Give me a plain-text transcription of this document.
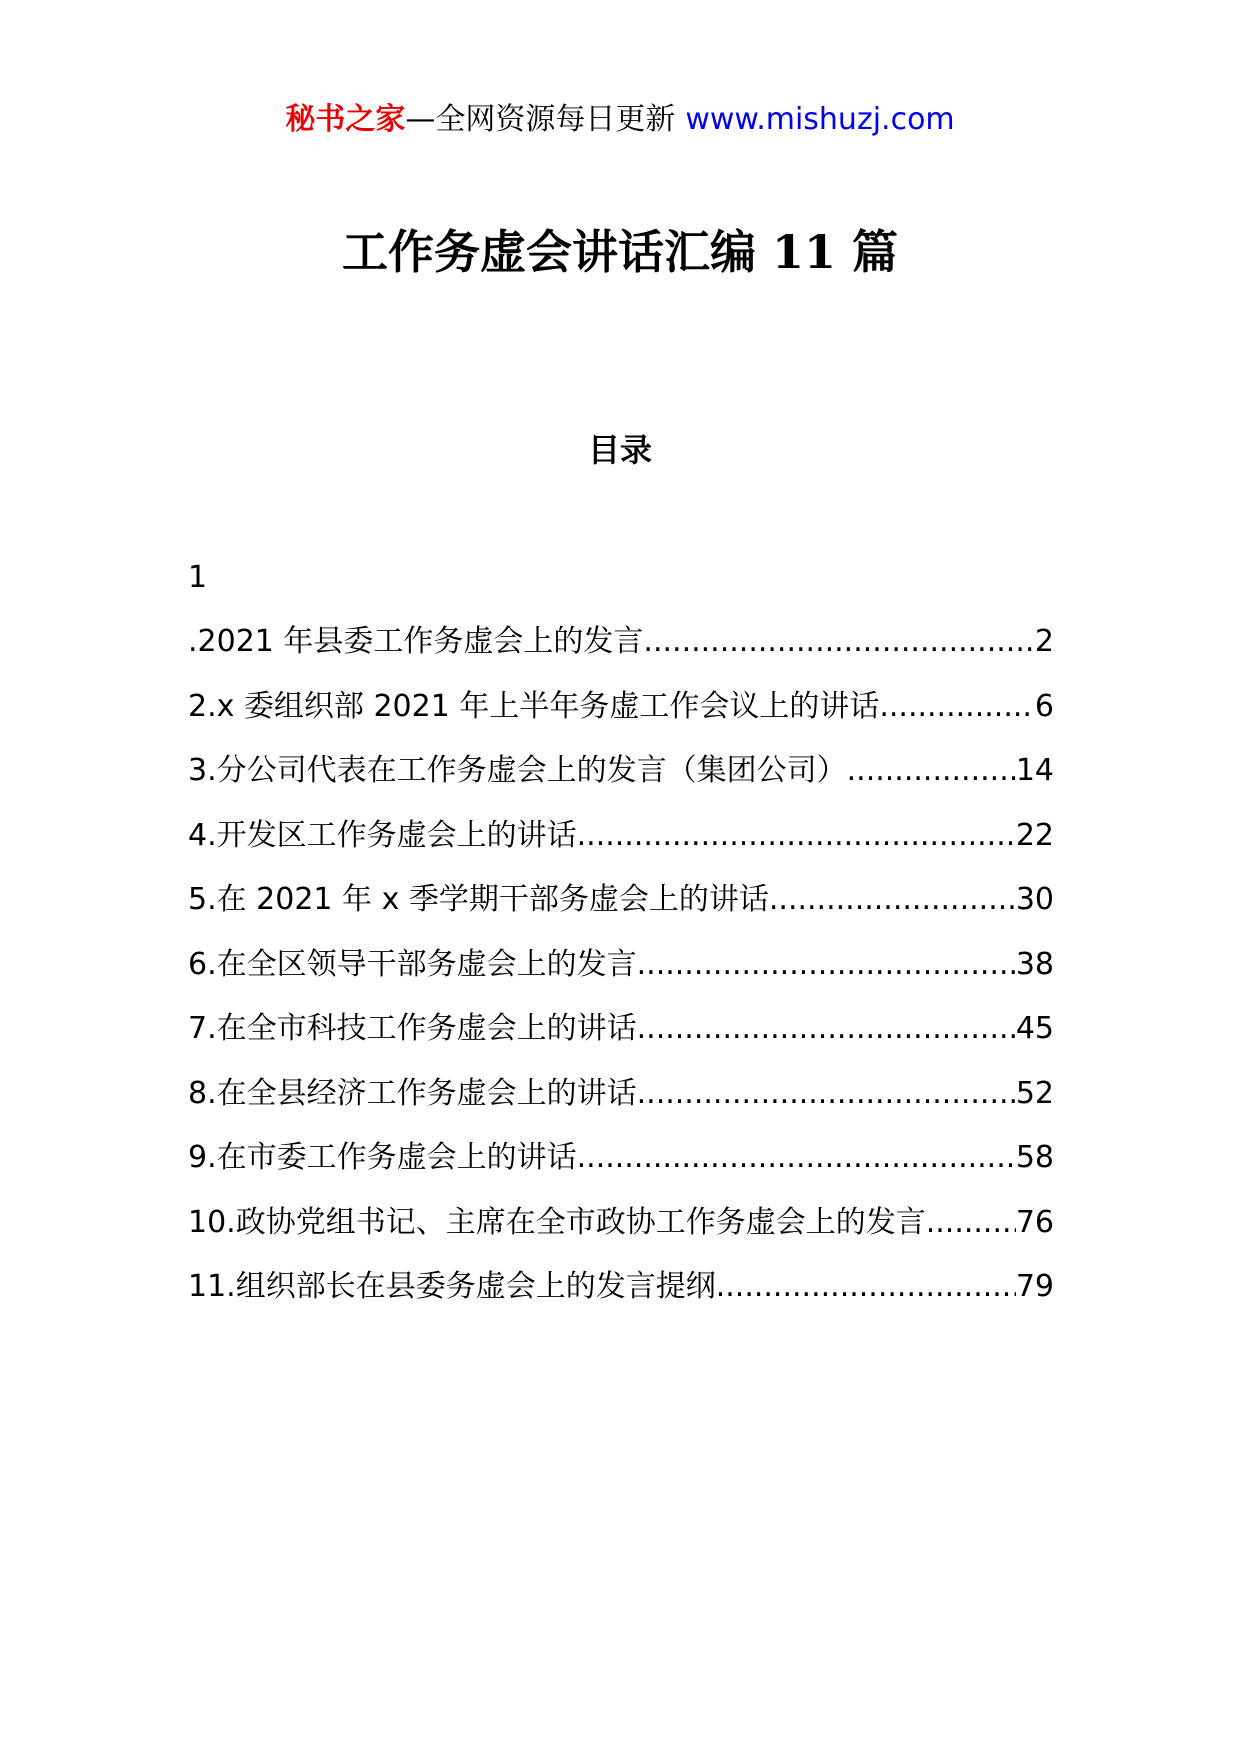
秘书之家—全网资源每日更新 www.mishuzj.com
工作务虚会讲话汇编 11 篇
目录
1
.2021 年县委工作务虚会上的发言 .....	2
2.x 委组织部 2021 年上半年务虚工作会议上的讲话 .....	6
3.分公司代表在工作务虚会上的发言（集团公司） .....	14
4.开发区工作务虚会上的讲话 .....	22
5.在 2021 年 x 季学期干部务虚会上的讲话 .....	30
6.在全区领导干部务虚会上的发言 .....	38
7.在全市科技工作务虚会上的讲话 .....	45
8.在全县经济工作务虚会上的讲话 .....	52
9.在市委工作务虚会上的讲话 .....	58
10.政协党组书记、主席在全市政协工作务虚会上的发言 .....	76
11.组织部长在县委务虚会上的发言提纲 .....	79
